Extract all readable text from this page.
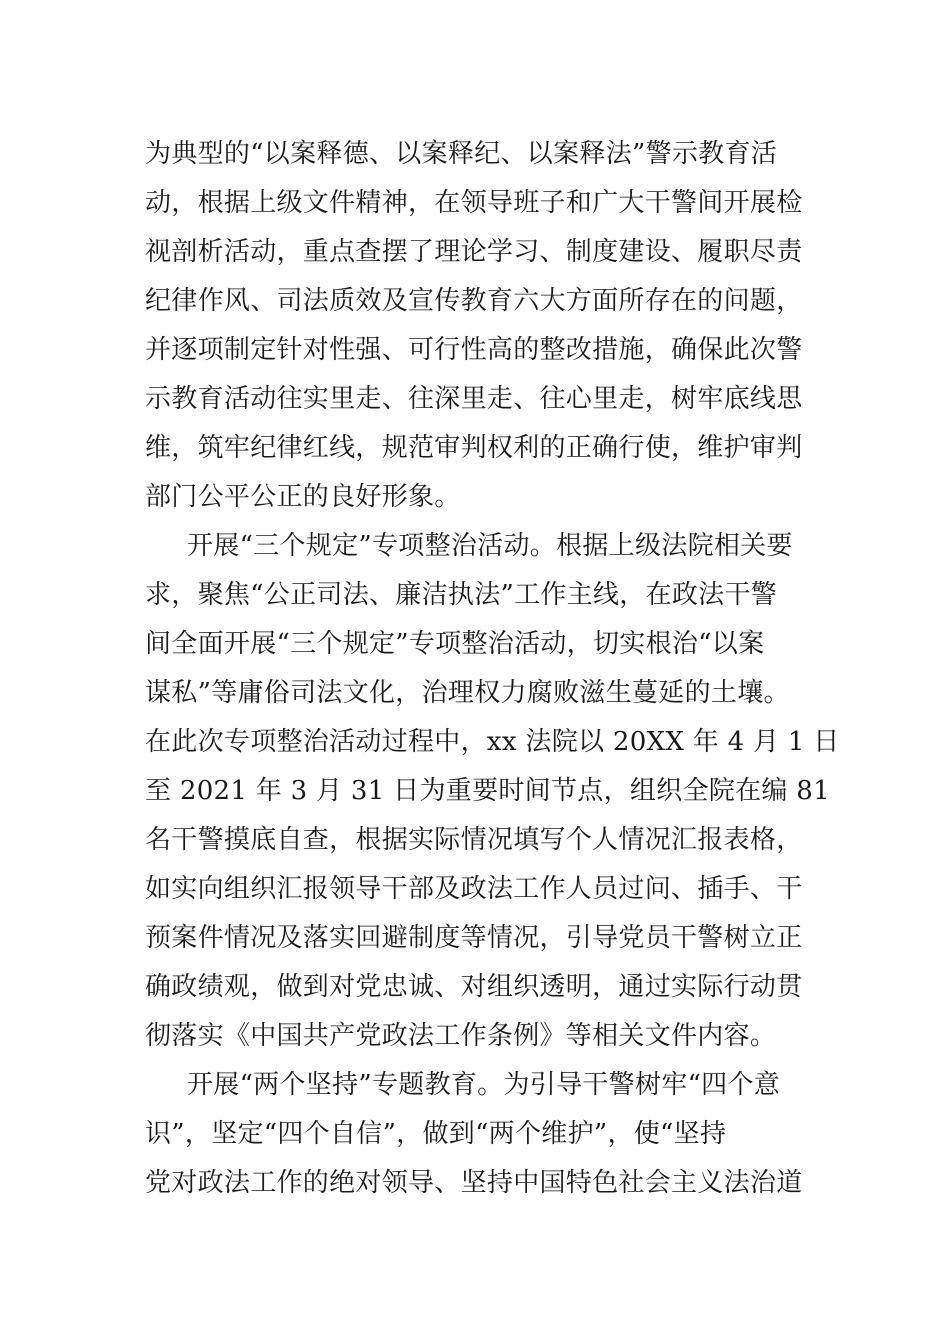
为典型的“以案释德、以案释纪、以案释法”警示教育活
动，根据上级文件精神，在领导班子和广大干警间开展检
视剖析活动，重点查摆了理论学习、制度建设、履职尽责
纪律作风、司法质效及宣传教育六大方面所存在的问题，
并逐项制定针对性强、可行性高的整改措施，确保此次警
示教育活动往实里走、往深里走、往心里走，树牢底线思
维，筑牢纪律红线，规范审判权利的正确行使，维护审判
部门公平公正的良好形象。
开展“三个规定”专项整治活动。根据上级法院相关要
求，聚焦“公正司法、廉洁执法”工作主线，在政法干警
间全面开展“三个规定”专项整治活动，切实根治“以案
谋私”等庸俗司法文化，治理权力腐败滋生蔓延的土壤。
在此次专项整治活动过程中，xx 法院以 20XX 年 4 月 1 日
至 2021 年 3 月 31 日为重要时间节点，组织全院在编 81
名干警摸底自查，根据实际情况填写个人情况汇报表格，
如实向组织汇报领导干部及政法工作人员过问、插手、干
预案件情况及落实回避制度等情况，引导党员干警树立正
确政绩观，做到对党忠诚、对组织透明，通过实际行动贯
彻落实《中国共产党政法工作条例》等相关文件内容。
开展“两个坚持”专题教育。为引导干警树牢“四个意
识”，坚定“四个自信”，做到“两个维护”，使“坚持
党对政法工作的绝对领导、坚持中国特色社会主义法治道
